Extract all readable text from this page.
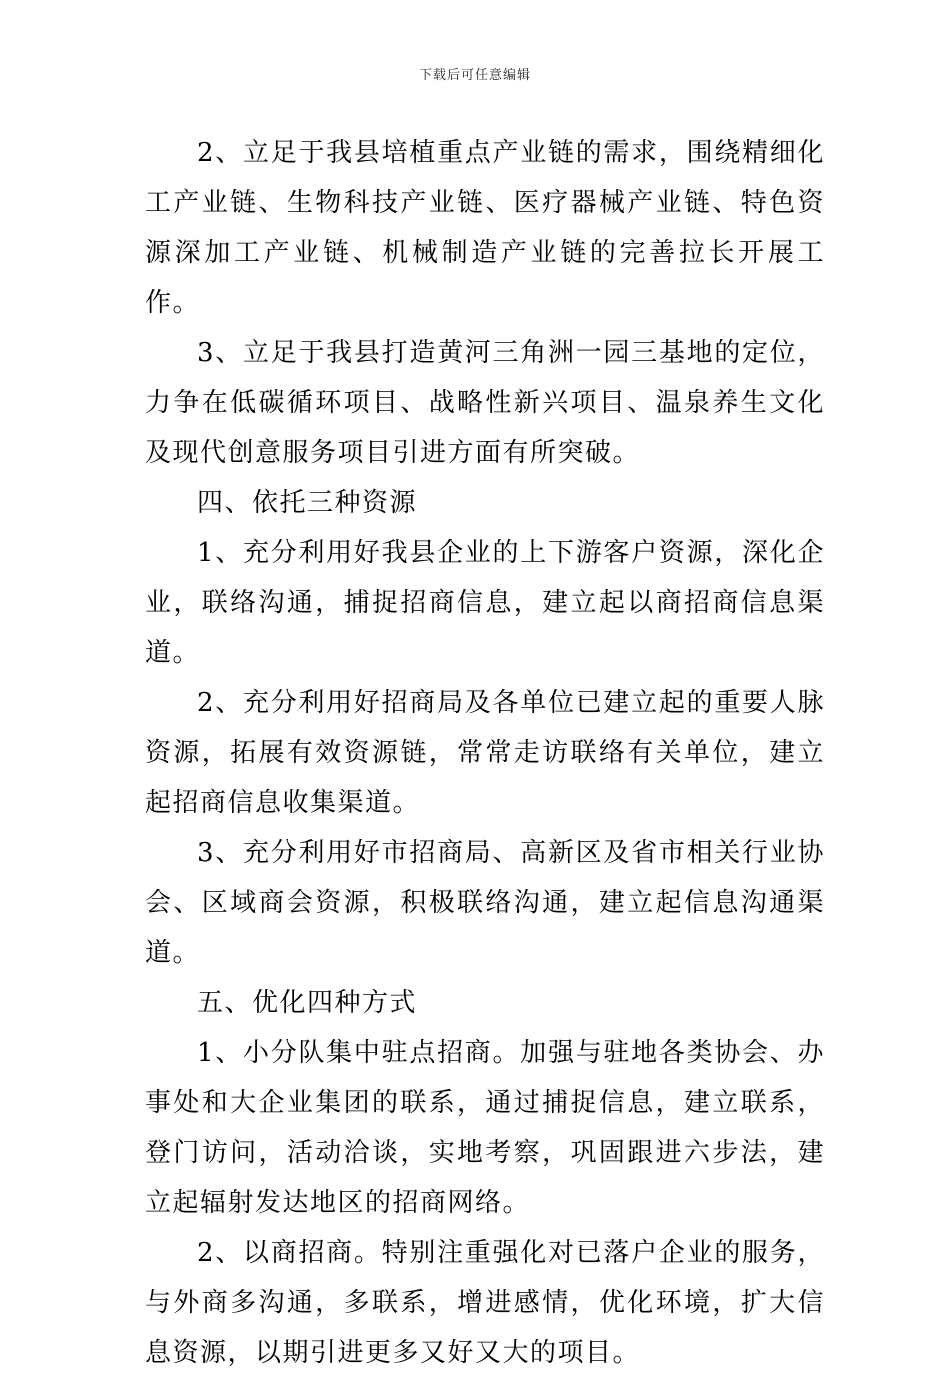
下载后可任意编辑

2、立足于我县培植重点产业链的需求，围绕精细化工产业链、生物科技产业链、医疗器械产业链、特色资源深加工产业链、机械制造产业链的完善拉长开展工作。

3、立足于我县打造黄河三角洲一园三基地的定位，力争在低碳循环项目、战略性新兴项目、温泉养生文化及现代创意服务项目引进方面有所突破。

四、依托三种资源

1、充分利用好我县企业的上下游客户资源，深化企业，联络沟通，捕捉招商信息，建立起以商招商信息渠道。

2、充分利用好招商局及各单位已建立起的重要人脉资源，拓展有效资源链，常常走访联络有关单位，建立起招商信息收集渠道。

3、充分利用好市招商局、高新区及省市相关行业协会、区域商会资源，积极联络沟通，建立起信息沟通渠道。

五、优化四种方式

1、小分队集中驻点招商。加强与驻地各类协会、办事处和大企业集团的联系，通过捕捉信息，建立联系，登门访问，活动洽谈，实地考察，巩固跟进六步法，建立起辐射发达地区的招商网络。

2、以商招商。特别注重强化对已落户企业的服务，与外商多沟通，多联系，增进感情，优化环境，扩大信息资源，以期引进更多又好又大的项目。
